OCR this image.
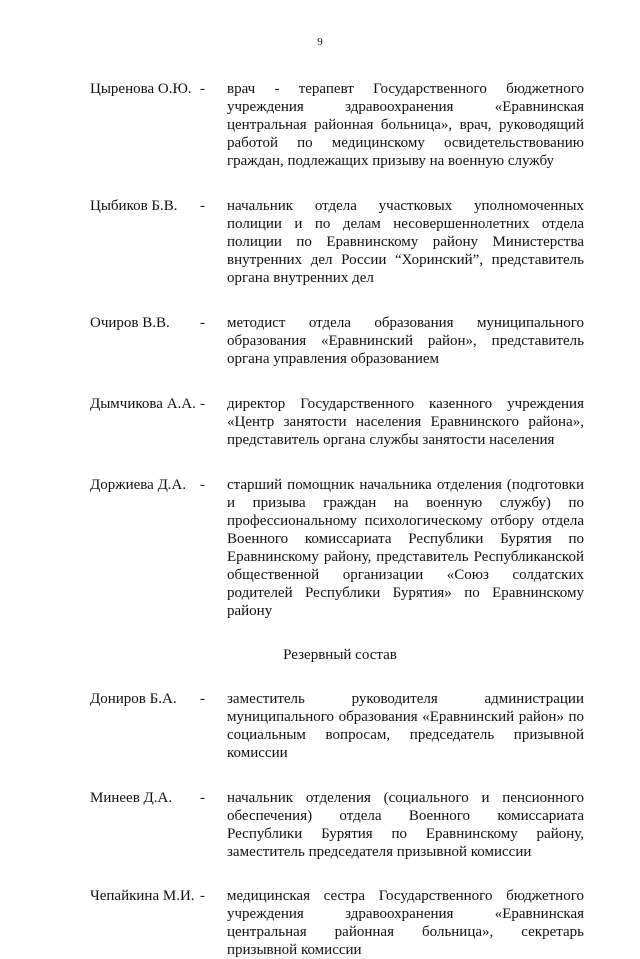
9
Цыренова О.Ю. -	врач - терапевт Государственного бюджетного учреждения здравоохранения «Еравнинская центральная районная больница», врач, руководящий работой по медицинскому освидетельствованию граждан, подлежащих призыву на военную службу
Цыбиков Б.В.	-	начальник отдела участковых уполномоченных полиции и по делам несовершеннолетних отдела полиции по Еравнинскому району Министерства внутренних дел России “Хоринский”, представитель органа внутренних дел
Очиров В.В.	-	методист отдела образования муниципального образования «Еравнинский район», представитель органа управления образованием
Дымчикова А.А. -	директор Государственного казенного учреждения «Центр занятости населения Еравнинского района», представитель органа службы занятости населения
Доржиева Д.А. -	старший помощник начальника отделения (подготовки и призыва граждан на военную службу) по профессиональному психологическому отбору отдела Военного комиссариата Республики Бурятия по Еравнинскому району, представитель Республиканской общественной организации «Союз солдатских родителей Республики Бурятия» по Еравнинскому району
Резервный состав
Дониров Б.А.	-	заместитель руководителя администрации муниципального образования «Еравнинский район» по социальным вопросам, председатель призывной комиссии
Минеев Д.А.	-	начальник отделения (социального и пенсионного обеспечения) отдела Военного комиссариата Республики Бурятия по Еравнинскому району, заместитель председателя призывной комиссии
Чепайкина М.И. -	медицинская сестра Государственного бюджетного учреждения здравоохранения «Еравнинская центральная районная больница», секретарь призывной комиссии
